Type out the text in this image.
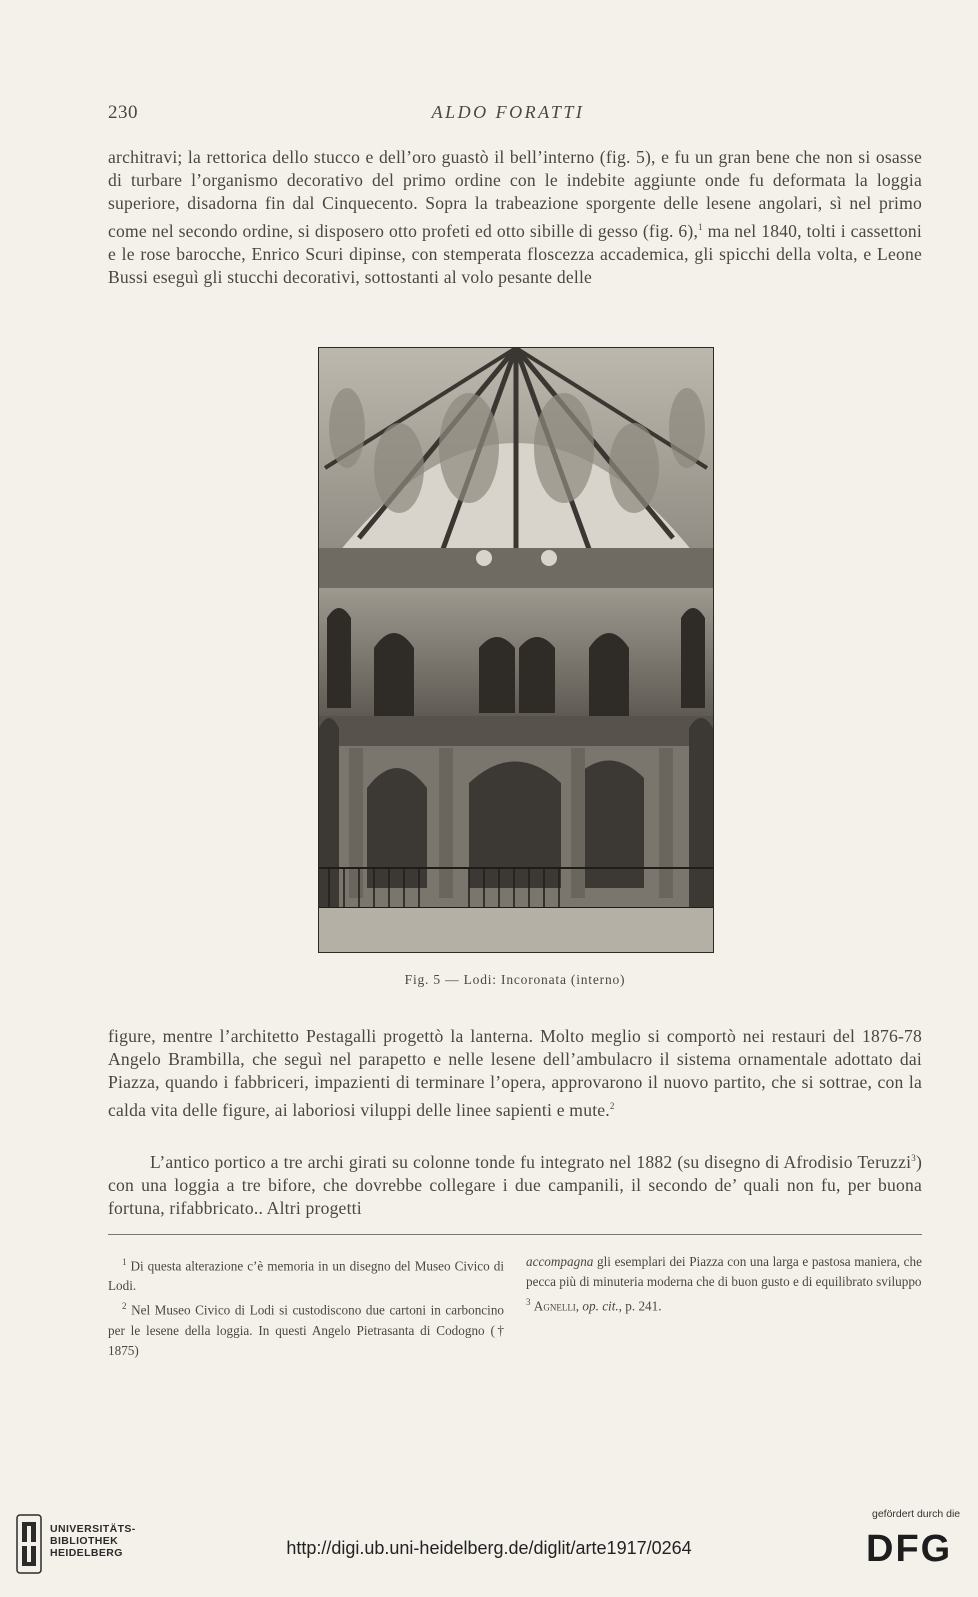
230	ALDO FORATTI

architravi; la rettorica dello stucco e dell’oro guastò il bell’interno (fig. 5), e fu un gran bene che non si osasse di turbare l’organismo decorativo del primo ordine con le indebite aggiunte onde fu deformata la loggia superiore, disadorna fin dal Cinquecento. Sopra la trabeazione sporgente delle lesene angolari, sì nel primo come nel secondo ordine, si disposero otto profeti ed otto sibille di gesso (fig. 6),$^1$ ma nel 1840, tolti i cassettoni e le rose barocche, Enrico Scuri dipinse, con stemperata floscezza accademica, gli spicchi della volta, e Leone Bussi eseguì gli stucchi decorativi, sottostanti al volo pesante delle

Fig. 5 — Lodi: Incoronata (interno)

figure, mentre l’architetto Pestagalli progettò la lanterna. Molto meglio si comportò nei restauri del 1876-78 Angelo Brambilla, che seguì nel parapetto e nelle lesene dell’ambulacro il sistema ornamentale adottato dai Piazza, quando i fabbriceri, impazienti di terminare l’opera, approvarono il nuovo partito, che si sottrae, con la calda vita delle figure, ai laboriosi viluppi delle linee sapienti e mute.$^2$

L’antico portico a tre archi girati su colonne tonde fu integrato nel 1882 (su disegno di Afrodisio Teruzzi$^3$) con una loggia a tre bifore, che dovrebbe collegare i due campanili, il secondo de’ quali non fu, per buona fortuna, rifabbricato.. Altri progetti

$^1$ Di questa alterazione c’è memoria in un disegno del Museo Civico di Lodi.

$^2$ Nel Museo Civico di Lodi si custodiscono due cartoni in carboncino per le lesene della loggia. In questi Angelo Pietrasanta di Codogno († 1875)

accompagna gli esemplari dei Piazza con una larga e pastosa maniera, che pecca più di minuteria moderna che di buon gusto e di equilibrato sviluppo

$^3$ Agnelli, op. cit., p. 241.

UNIVERSITÄTS-
BIBLIOTHEK
HEIDELBERG	http://digi.ub.uni-heidelberg.de/diglit/arte1917/0264
gefördert durch die
DFG
